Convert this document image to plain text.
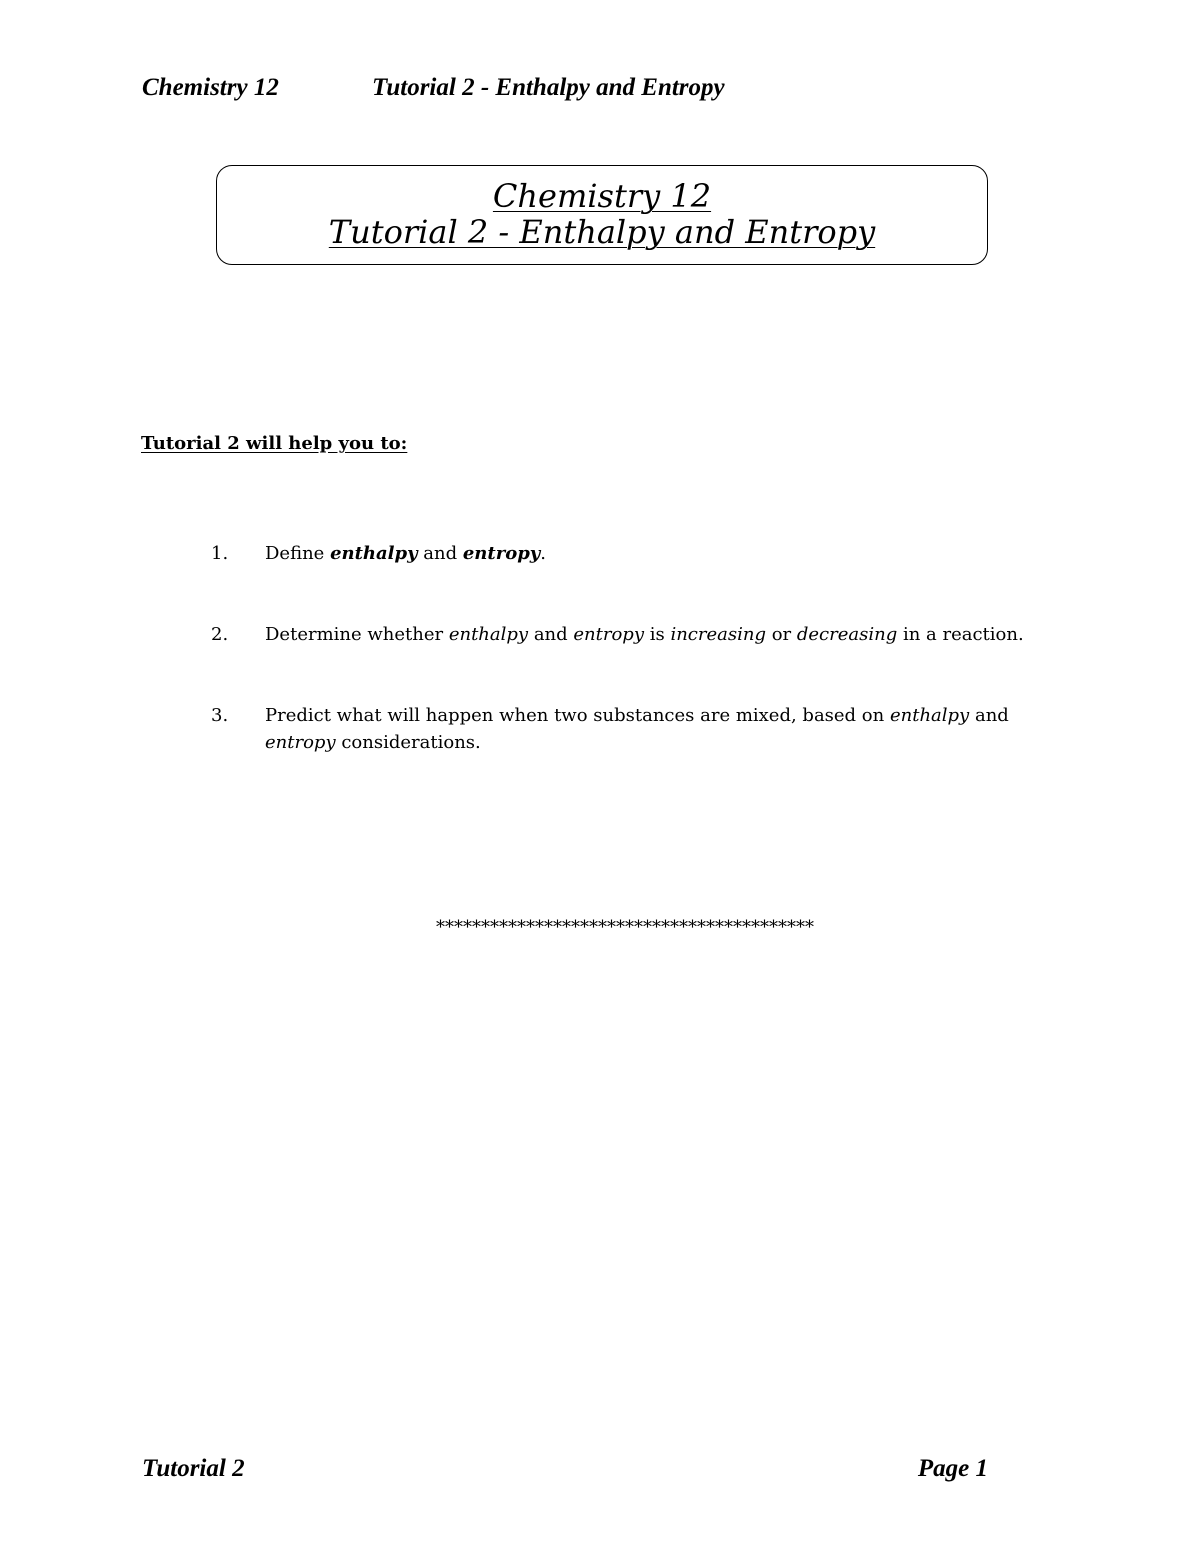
Chemistry 12	Tutorial 2 - Enthalpy and Entropy
Chemistry 12
Tutorial 2 - Enthalpy and Entropy
Tutorial 2 will help you to:
1.	Define enthalpy and entropy.
2.	Determine whether enthalpy and entropy is increasing or decreasing in a reaction.
3.	Predict what will happen when two substances are mixed, based on enthalpy and entropy considerations.
******************************************
Tutorial 2	Page 1
